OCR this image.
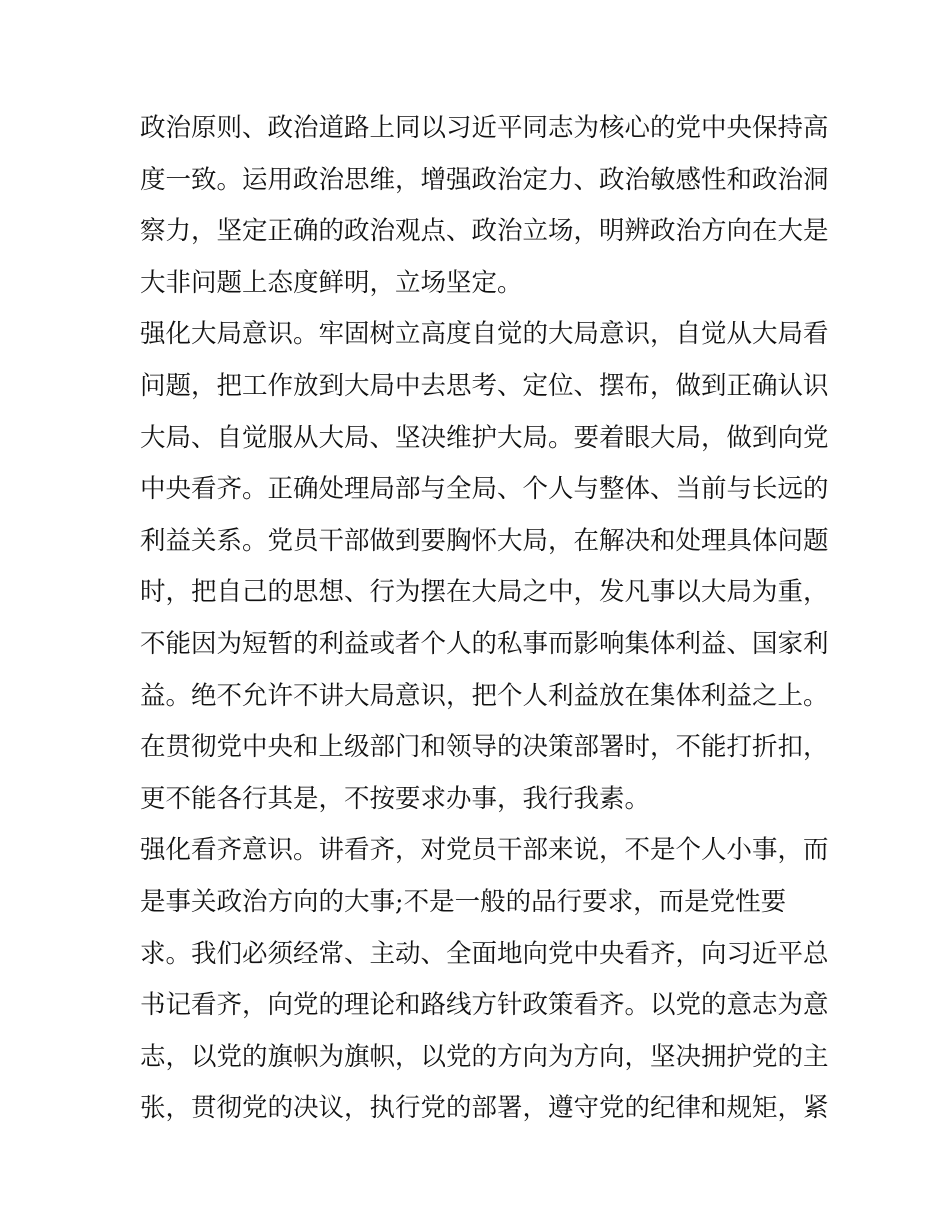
政治原则、政治道路上同以习近平同志为核心的党中央保持高
度一致。运用政治思维，增强政治定力、政治敏感性和政治洞
察力，坚定正确的政治观点、政治立场，明辨政治方向在大是
大非问题上态度鲜明，立场坚定。
强化大局意识。牢固树立高度自觉的大局意识，自觉从大局看
问题，把工作放到大局中去思考、定位、摆布，做到正确认识
大局、自觉服从大局、坚决维护大局。要着眼大局，做到向党
中央看齐。正确处理局部与全局、个人与整体、当前与长远的
利益关系。党员干部做到要胸怀大局，在解决和处理具体问题
时，把自己的思想、行为摆在大局之中，发凡事以大局为重，
不能因为短暂的利益或者个人的私事而影响集体利益、国家利
益。绝不允许不讲大局意识，把个人利益放在集体利益之上。
在贯彻党中央和上级部门和领导的决策部署时，不能打折扣，
更不能各行其是，不按要求办事，我行我素。
强化看齐意识。讲看齐，对党员干部来说，不是个人小事，而
是事关政治方向的大事;不是一般的品行要求，而是党性要
求。我们必须经常、主动、全面地向党中央看齐，向习近平总
书记看齐，向党的理论和路线方针政策看齐。以党的意志为意
志，以党的旗帜为旗帜，以党的方向为方向，坚决拥护党的主
张，贯彻党的决议，执行党的部署，遵守党的纪律和规矩，紧
